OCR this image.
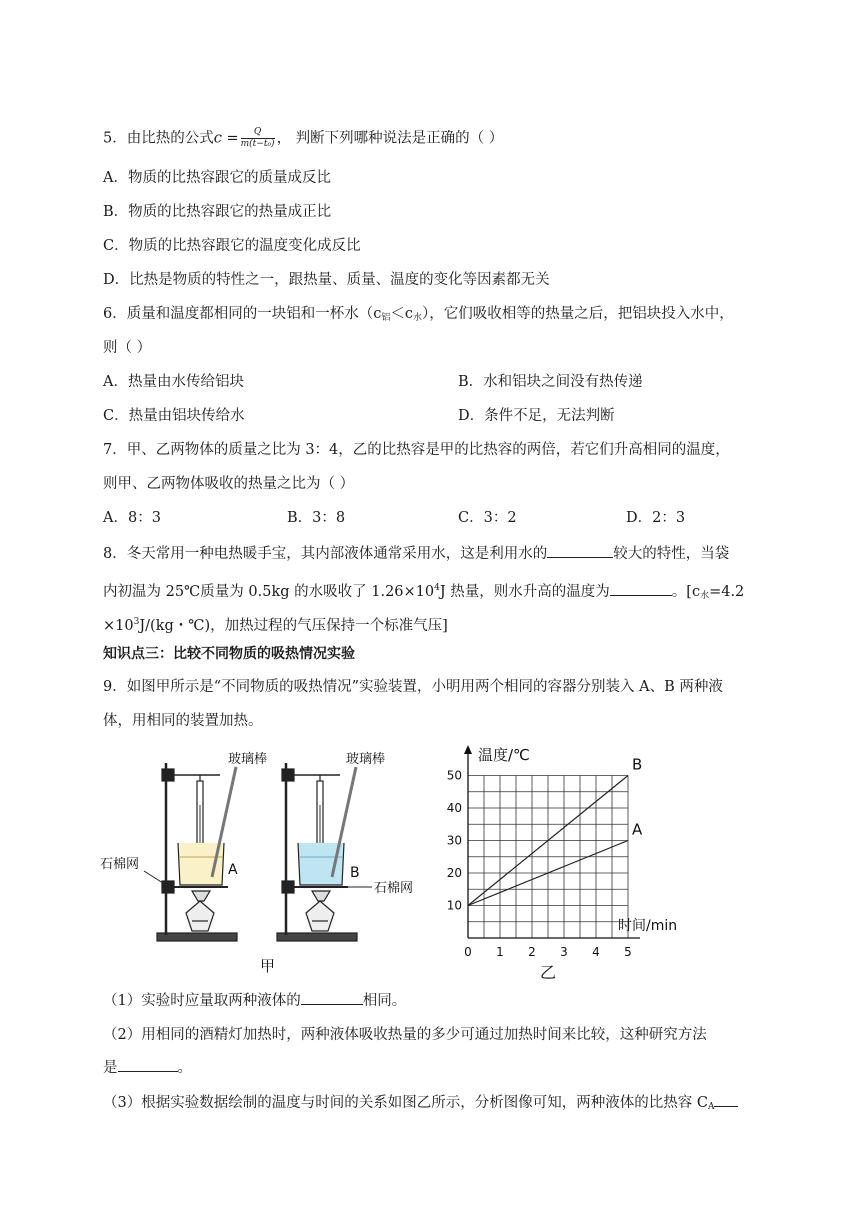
5．由比热的公式$c = \frac{Q}{\text{m(t−t₀)}}$ ， 判断下列哪种说法是正确的（ ）
A．物质的比热容跟它的质量成反比
B．物质的比热容跟它的热量成正比
C．物质的比热容跟它的温度变化成反比
D．比热是物质的特性之一，跟热量、质量、温度的变化等因素都无关
6．质量和温度都相同的一块铝和一杯水$(c_铝<c_水)$，它们吸收相等的热量之后，把铝块投入水中，
则（ ）
A．热量由水传给铝块	B．水和铝块之间没有热传递
C．热量由铝块传给水	D．条件不足，无法判断
7．甲、乙两物体的质量之比为 3：4，乙的比热容是甲的比热容的两倍，若它们升高相同的温度，
则甲、乙两物体吸收的热量之比为（ ）
A．8：3	B．3：8	C．3：2	D．2：3
8．冬天常用一种电热暖手宝，其内部液体通常采用水，这是利用水的	较大的特性，当袋
内初温为 25℃质量为 0.5kg 的水吸收了 $1.26\times 10^4J$ 热量，则水升高的温度为	。[$c_水=4.2$
$\times 10^3J/(kg$・℃)，加热过程的气压保持一个标准气压]
知识点三：比较不同物质的吸热情况实验
9．如图甲所示是“不同物质的吸热情况”实验装置，小明用两个相同的容器分别装入 A、B 两种液
体，用相同的装置加热。
玻璃棒
A
石棉网
玻璃棒
B
石棉网
甲
0 1 2 3 4 5
10
20
30
40
50
温度/℃
时间/min
B
A
乙
（1）实验时应量取两种液体的	相同。
（2）用相同的酒精灯加热时，两种液体吸收热量的多少可通过加热时间来比较，这种研究方法
是	。
（3）根据实验数据绘制的温度与时间的关系如图乙所示，分析图像可知，两种液体的比热容 $C_A$
